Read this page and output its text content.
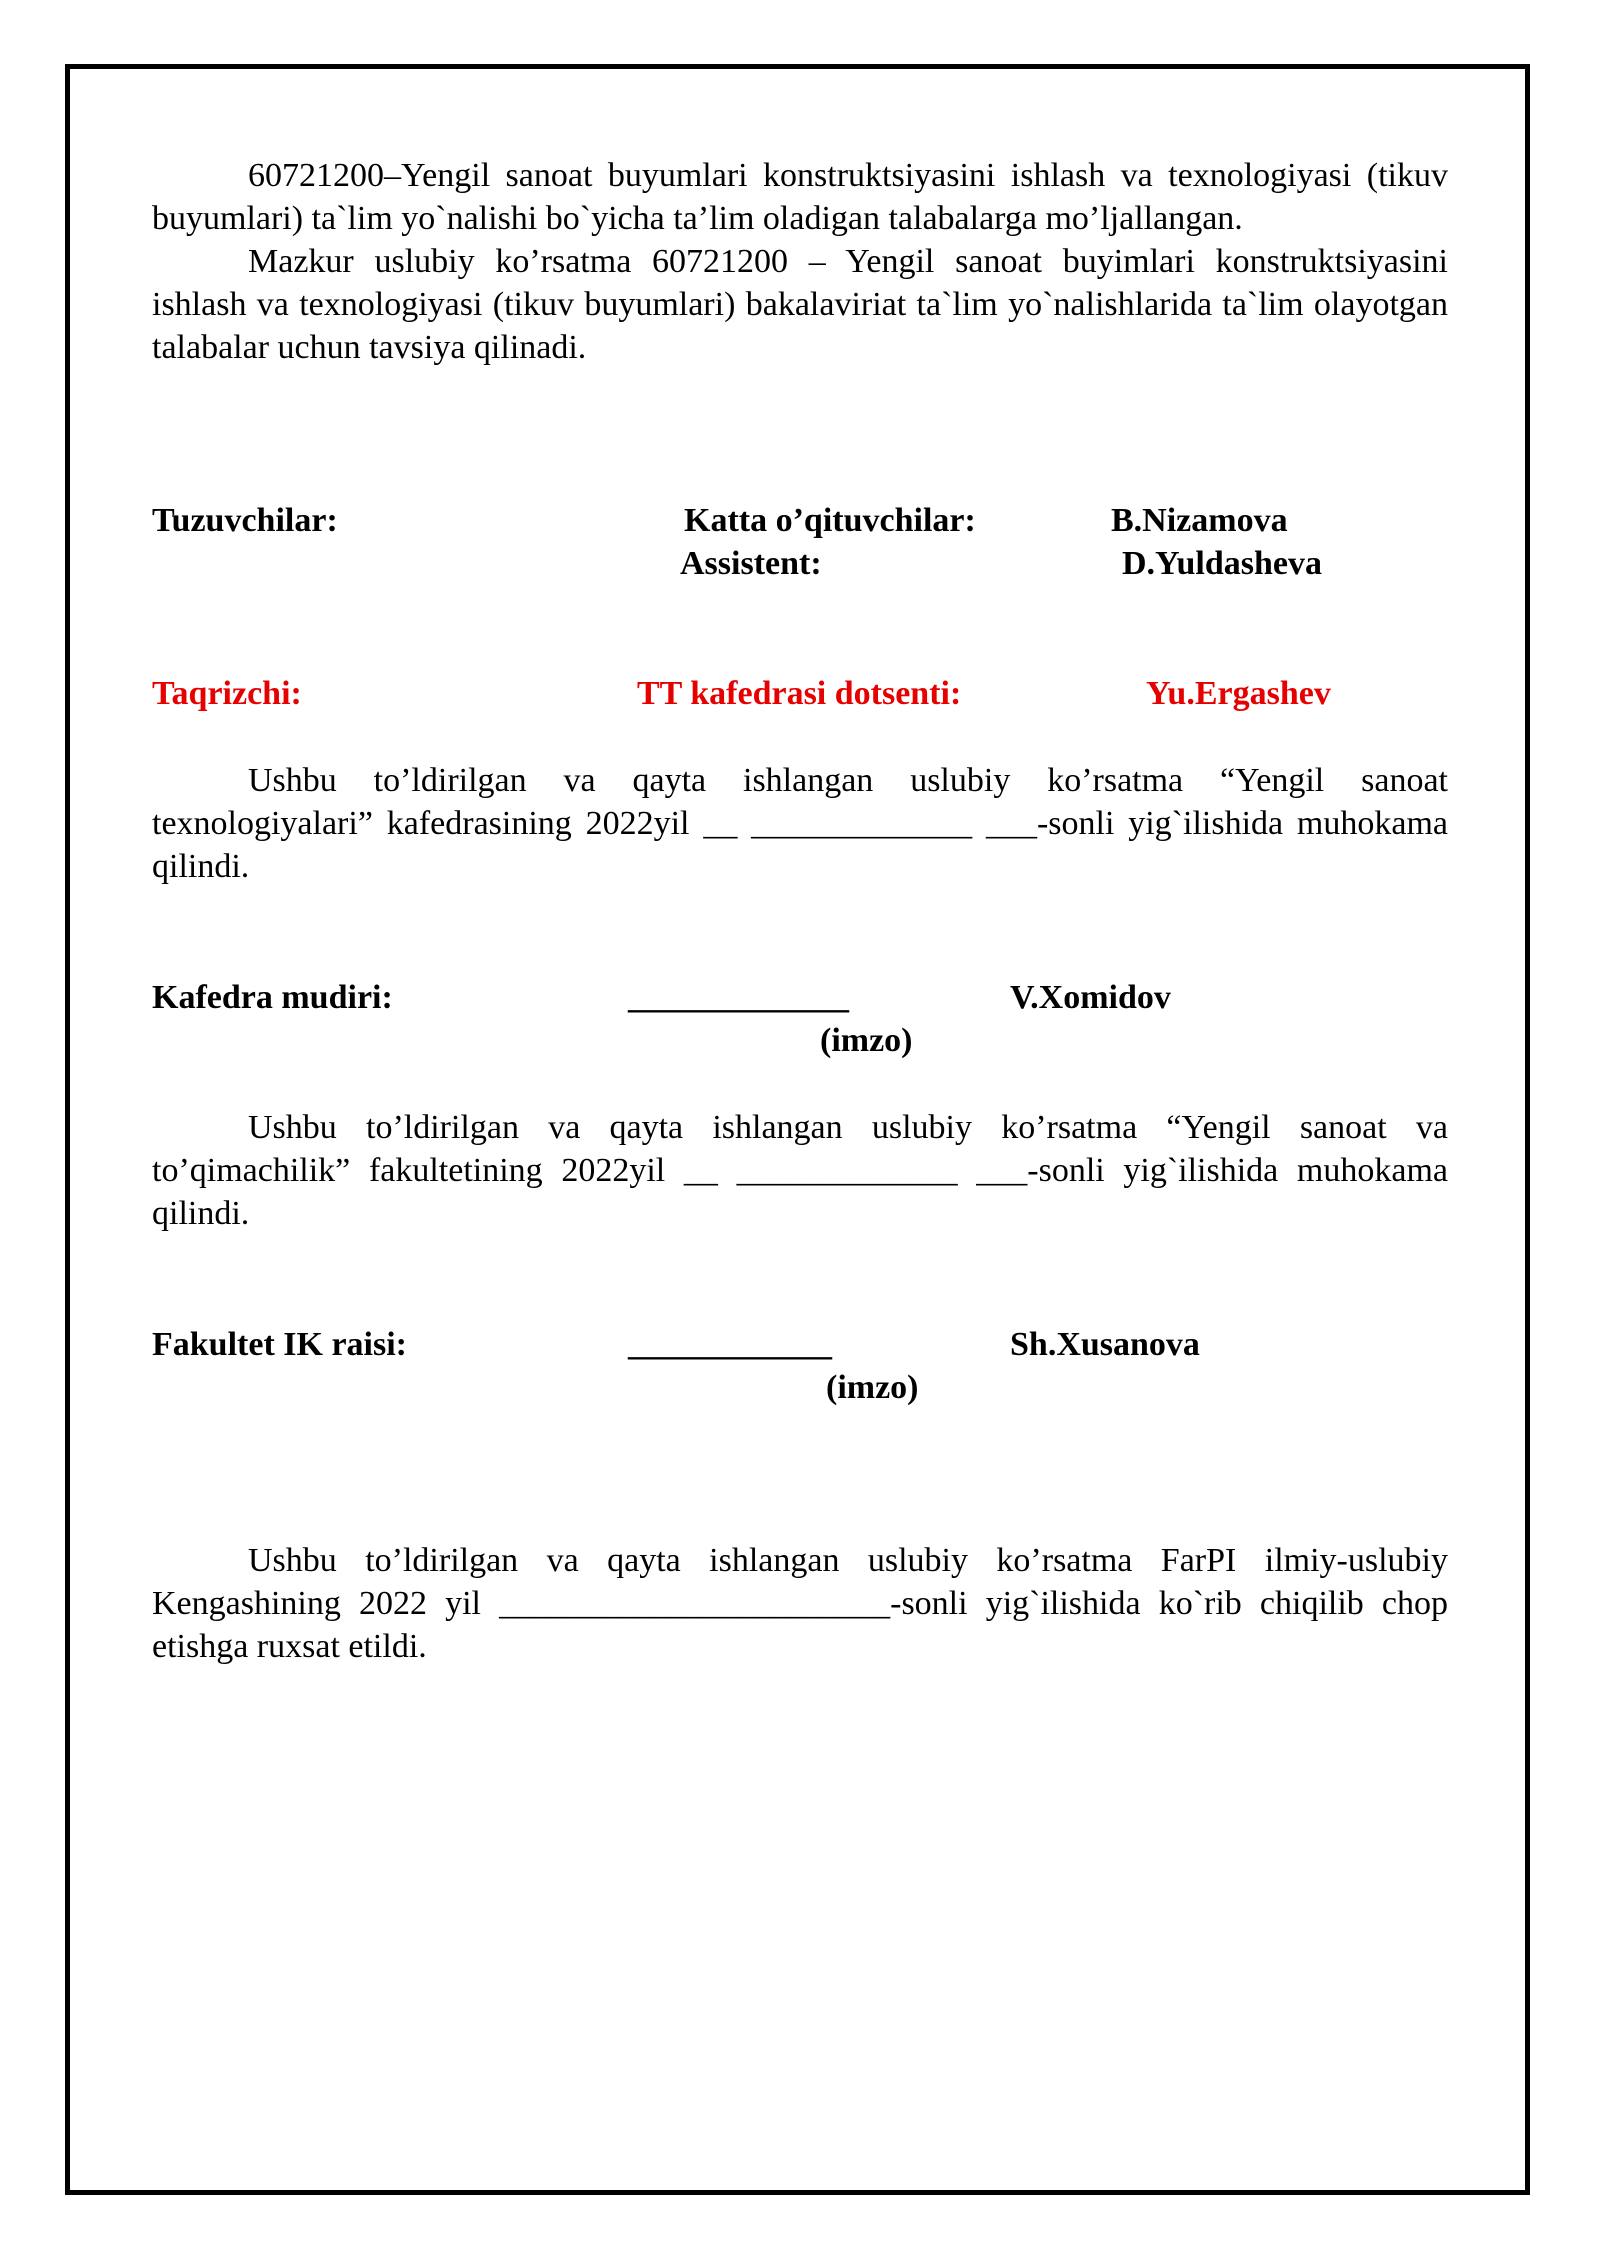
60721200–Yengil sanoat buyumlari konstruktsiyasini ishlash va texnologiyasi (tikuv buyumlari) ta`lim yo`nalishi bo`yicha ta’lim oladigan talabalarga mo’ljallangan.

Mazkur uslubiy ko’rsatma 60721200 – Yengil sanoat buyimlari konstruktsiyasini ishlash va texnologiyasi (tikuv buyumlari) bakalaviriat ta`lim yo`nalishlarida ta`lim olayotgan talabalar uchun tavsiya qilinadi.

Tuzuvchilar:	Katta o’qituvchilar:	B.Nizamova
Assistent:	D.Yuldasheva
Taqrizchi:	TT kafedrasi dotsenti:	Yu.Ergashev

Ushbu to’ldirilgan va qayta ishlangan uslubiy ko’rsatma “Yengil sanoat texnologiyalari” kafedrasining 2022yil __ _____________ ___-sonli yig`ilishida muhokama qilindi.

Kafedra mudiri:	_____________	V.Xomidov
(imzo)

Ushbu to’ldirilgan va qayta ishlangan uslubiy ko’rsatma “Yengil sanoat va to’qimachilik” fakultetining 2022yil __ _____________ ___-sonli yig`ilishida muhokama qilindi.

Fakultet IK raisi:	____________	Sh.Xusanova
(imzo)

Ushbu to’ldirilgan va qayta ishlangan uslubiy ko’rsatma FarPI ilmiy-uslubiy Kengashining 2022 yil _______________________-sonli yig`ilishida ko`rib chiqilib chop etishga ruxsat etildi.
